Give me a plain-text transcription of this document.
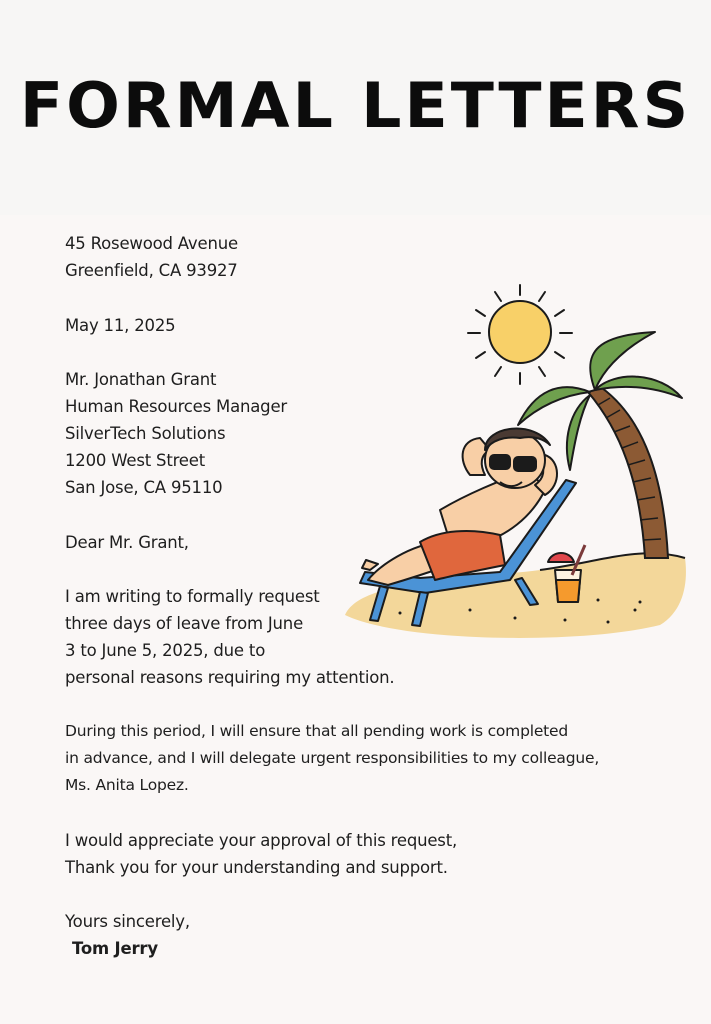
FORMAL LETTERS
45 Rosewood Avenue
Greenfield, CA 93927
May 11, 2025
Mr. Jonathan Grant
Human Resources Manager
SilverTech Solutions
1200 West Street
San Jose, CA 95110
Dear Mr. Grant,
I am writing to formally request
three days of leave from June
3 to June 5, 2025, due to
personal reasons requiring my attention.
During this period, I will ensure that all pending work is completed
in advance, and I will delegate urgent responsibilities to my colleague,
Ms. Anita Lopez.
I would appreciate your approval of this request,
Thank you for your understanding and support.
Yours sincerely,
Tom Jerry
